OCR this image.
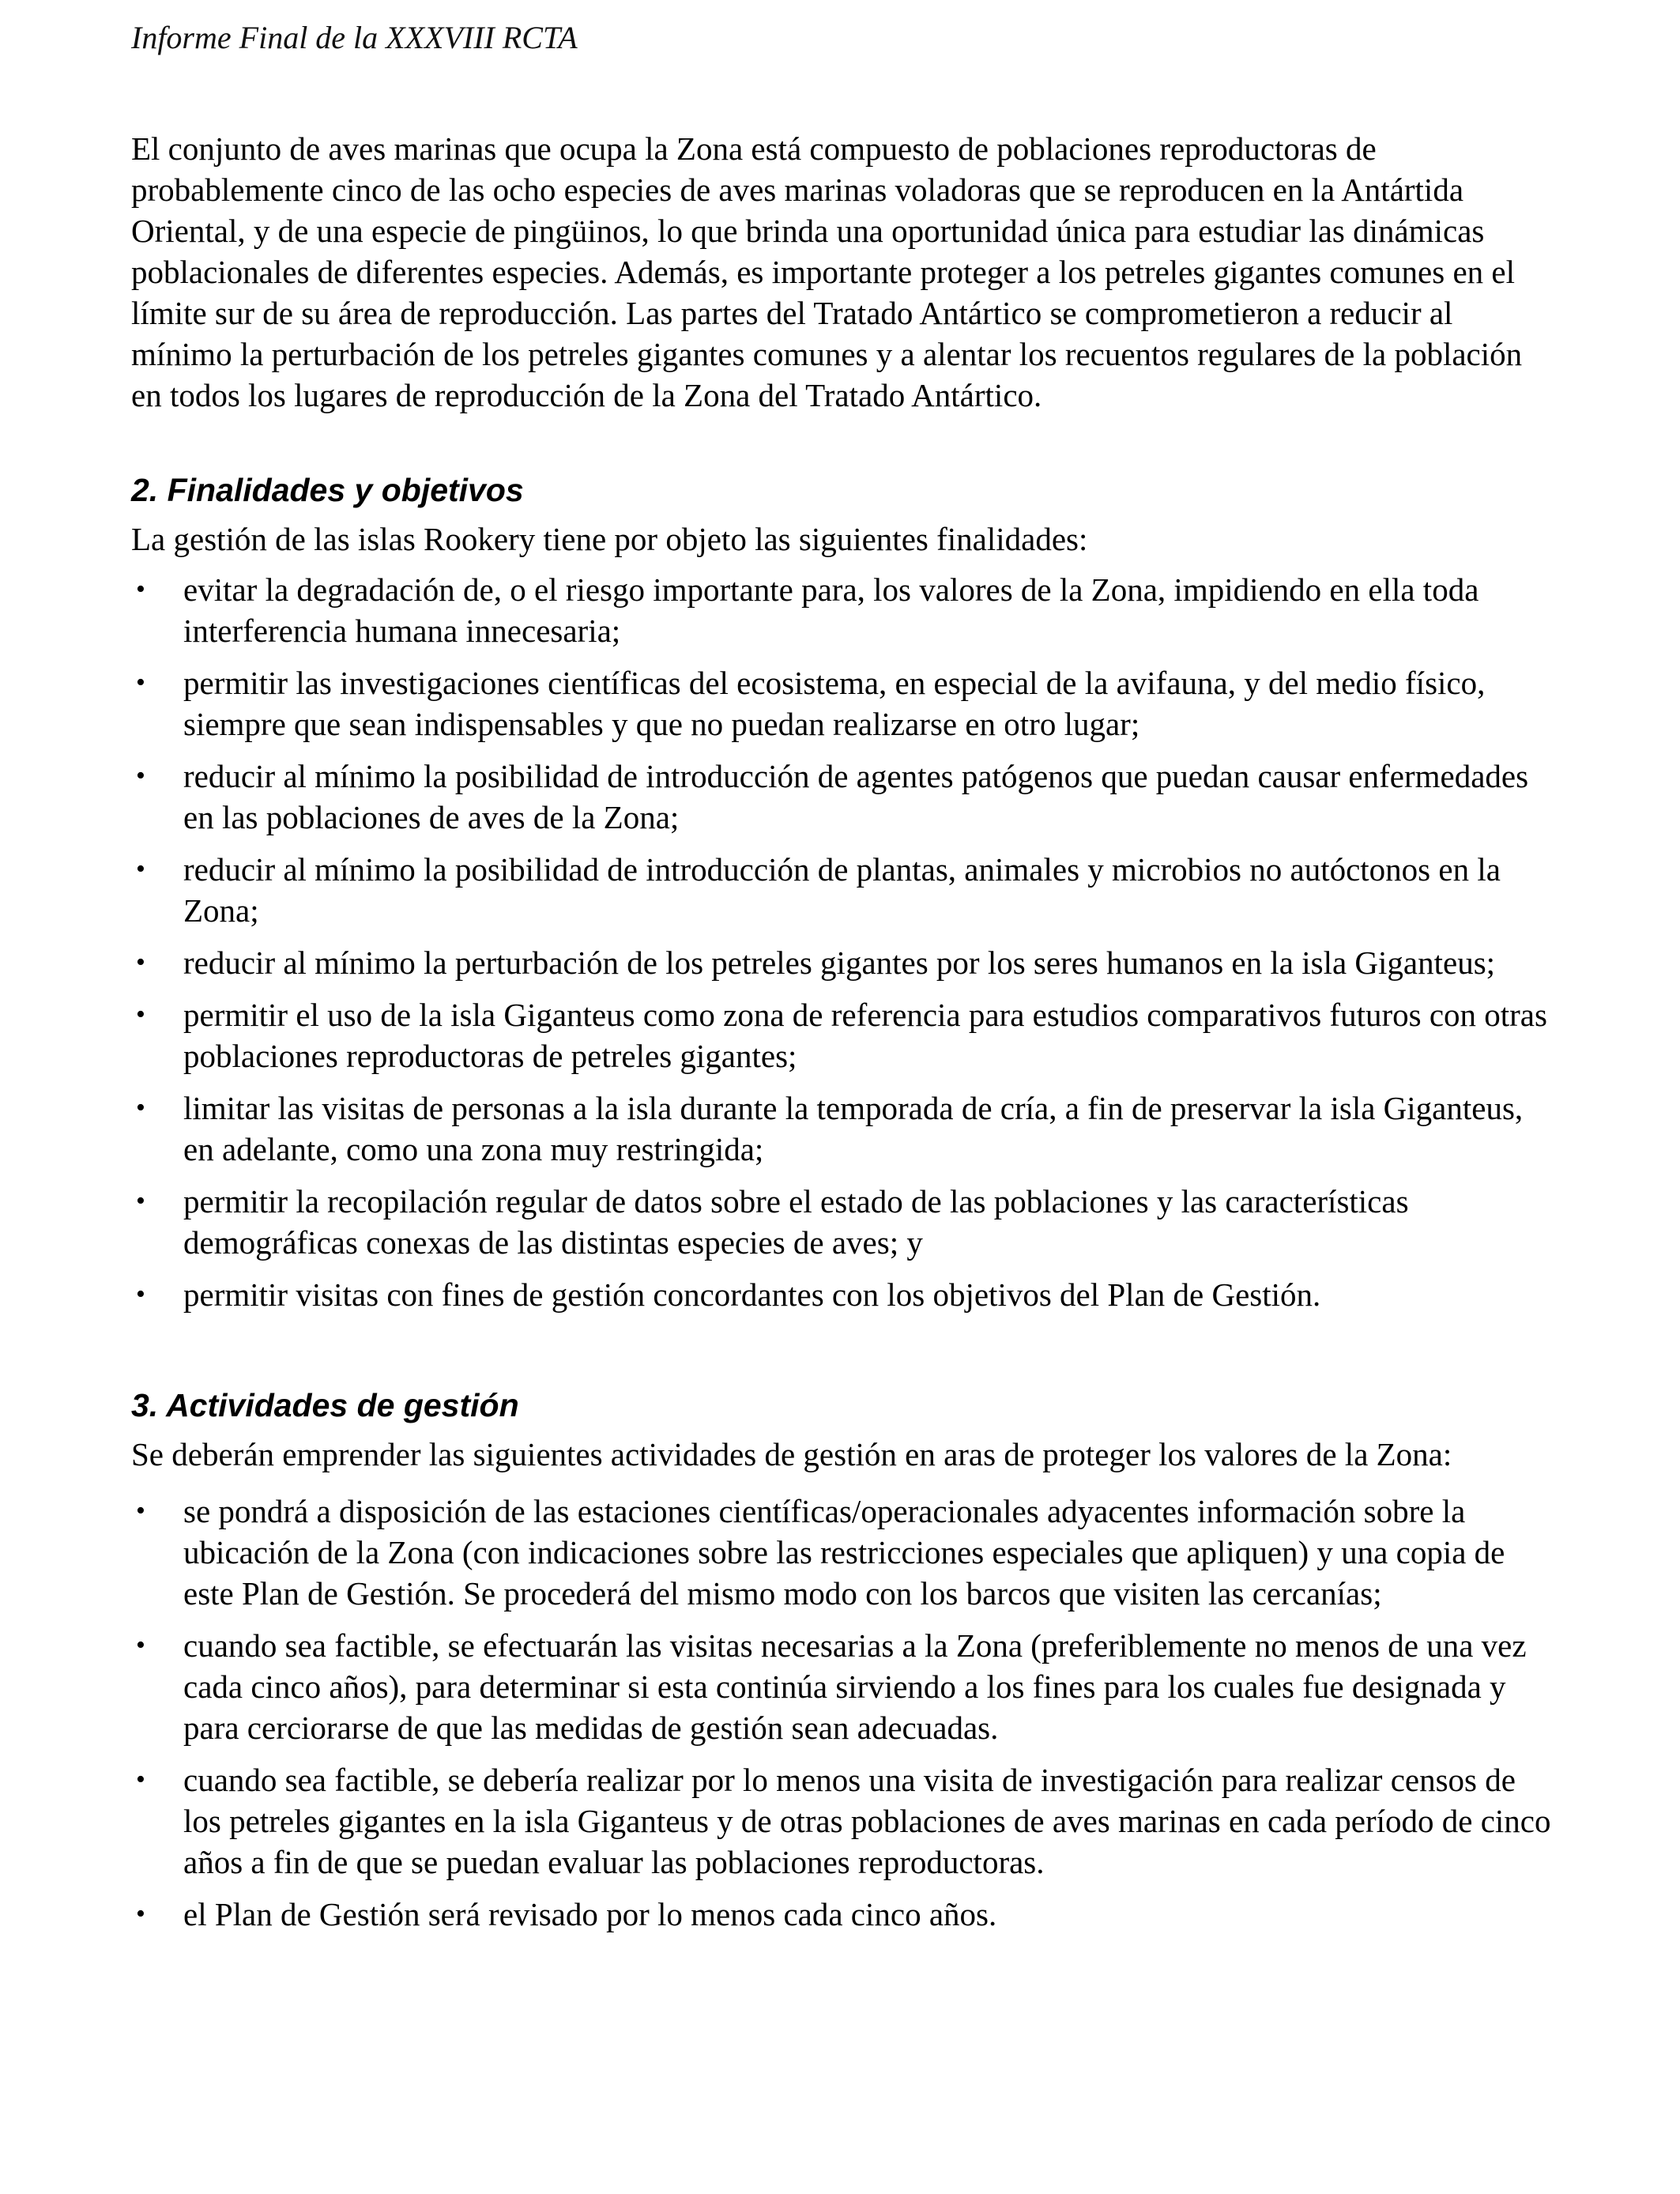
Informe Final de la XXXVIII RCTA

El conjunto de aves marinas que ocupa la Zona está compuesto de poblaciones reproductoras de probablemente cinco de las ocho especies de aves marinas voladoras que se reproducen en la Antártida Oriental, y de una especie de pingüinos, lo que brinda una oportunidad única para estudiar las dinámicas poblacionales de diferentes especies. Además, es importante proteger a los petreles gigantes comunes en el límite sur de su área de reproducción. Las partes del Tratado Antártico se comprometieron a reducir al mínimo la perturbación de los petreles gigantes comunes y a alentar los recuentos regulares de la población en todos los lugares de reproducción de la Zona del Tratado Antártico.

2. Finalidades y objetivos

La gestión de las islas Rookery tiene por objeto las siguientes finalidades:

• evitar la degradación de, o el riesgo importante para, los valores de la Zona, impidiendo en ella toda interferencia humana innecesaria;
• permitir las investigaciones científicas del ecosistema, en especial de la avifauna, y del medio físico, siempre que sean indispensables y que no puedan realizarse en otro lugar;
• reducir al mínimo la posibilidad de introducción de agentes patógenos que puedan causar enfermedades en las poblaciones de aves de la Zona;
• reducir al mínimo la posibilidad de introducción de plantas, animales y microbios no autóctonos en la Zona;
• reducir al mínimo la perturbación de los petreles gigantes por los seres humanos en la isla Giganteus;
• permitir el uso de la isla Giganteus como zona de referencia para estudios comparativos futuros con otras poblaciones reproductoras de petreles gigantes;
• limitar las visitas de personas a la isla durante la temporada de cría, a fin de preservar la isla Giganteus, en adelante, como una zona muy restringida;
• permitir la recopilación regular de datos sobre el estado de las poblaciones y las características demográficas conexas de las distintas especies de aves; y
• permitir visitas con fines de gestión concordantes con los objetivos del Plan de Gestión.
3. Actividades de gestión

Se deberán emprender las siguientes actividades de gestión en aras de proteger los valores de la Zona:

• se pondrá a disposición de las estaciones científicas/operacionales adyacentes información sobre la ubicación de la Zona (con indicaciones sobre las restricciones especiales que apliquen) y una copia de este Plan de Gestión. Se procederá del mismo modo con los barcos que visiten las cercanías;
• cuando sea factible, se efectuarán las visitas necesarias a la Zona (preferiblemente no menos de una vez cada cinco años), para determinar si esta continúa sirviendo a los fines para los cuales fue designada y para cerciorarse de que las medidas de gestión sean adecuadas.
• cuando sea factible, se debería realizar por lo menos una visita de investigación para realizar censos de los petreles gigantes en la isla Giganteus y de otras poblaciones de aves marinas en cada período de cinco años a fin de que se puedan evaluar las poblaciones reproductoras.
• el Plan de Gestión será revisado por lo menos cada cinco años.
